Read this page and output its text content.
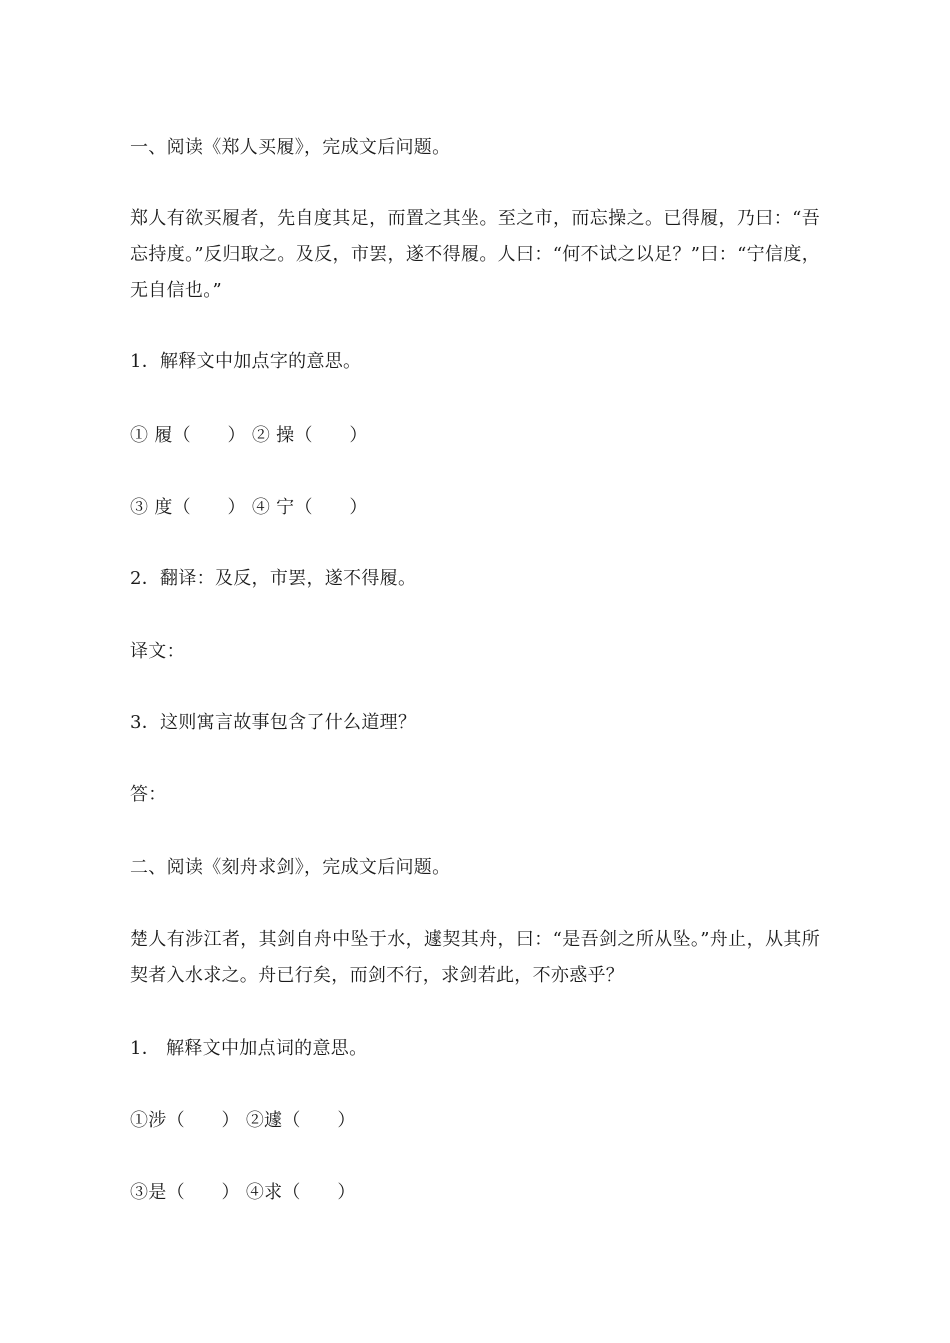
一、阅读《郑人买履》，完成文后问题。
郑人有欲买履者，先自度其足，而置之其坐。至之市，而忘操之。已得履，乃曰：“吾忘持度。”反归取之。及反，市罢，遂不得履。人曰：“何不试之以足？”曰：“宁信度，无自信也。”
1．解释文中加点字的意思。
① 履（　　） ② 操（　　）
③ 度（　　） ④ 宁（　　）
2．翻译：及反，市罢，遂不得履。
译文：
3．这则寓言故事包含了什么道理？
答：
二、阅读《刻舟求剑》，完成文后问题。
楚人有涉江者，其剑自舟中坠于水，遽契其舟，曰：“是吾剑之所从坠。”舟止，从其所契者入水求之。舟已行矣，而剑不行，求剑若此，不亦惑乎？
1． 解释文中加点词的意思。
①涉（　　） ②遽（　　）
③是（　　） ④求（　　）
